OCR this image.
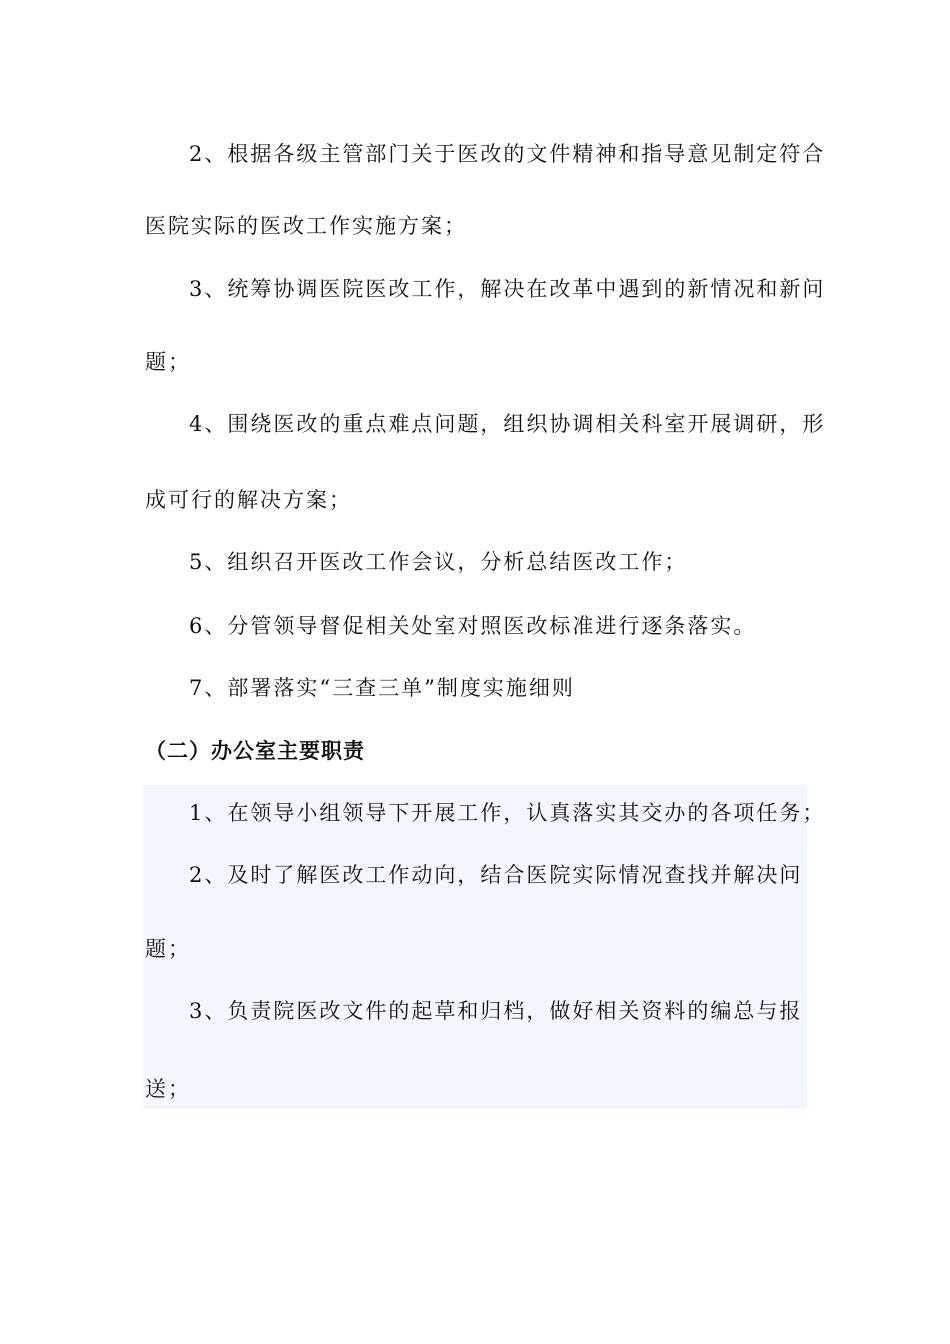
2、根据各级主管部门关于医改的文件精神和指导意见制定符合
医院实际的医改工作实施方案；
3、统筹协调医院医改工作，解决在改革中遇到的新情况和新问
题；
4、围绕医改的重点难点问题，组织协调相关科室开展调研，形
成可行的解决方案；
5、组织召开医改工作会议，分析总结医改工作；
6、分管领导督促相关处室对照医改标准进行逐条落实。
7、部署落实“三查三单”制度实施细则
（二）办公室主要职责
1、在领导小组领导下开展工作，认真落实其交办的各项任务；
2、及时了解医改工作动向，结合医院实际情况查找并解决问
题；
3、负责院医改文件的起草和归档，做好相关资料的编总与报
送；
